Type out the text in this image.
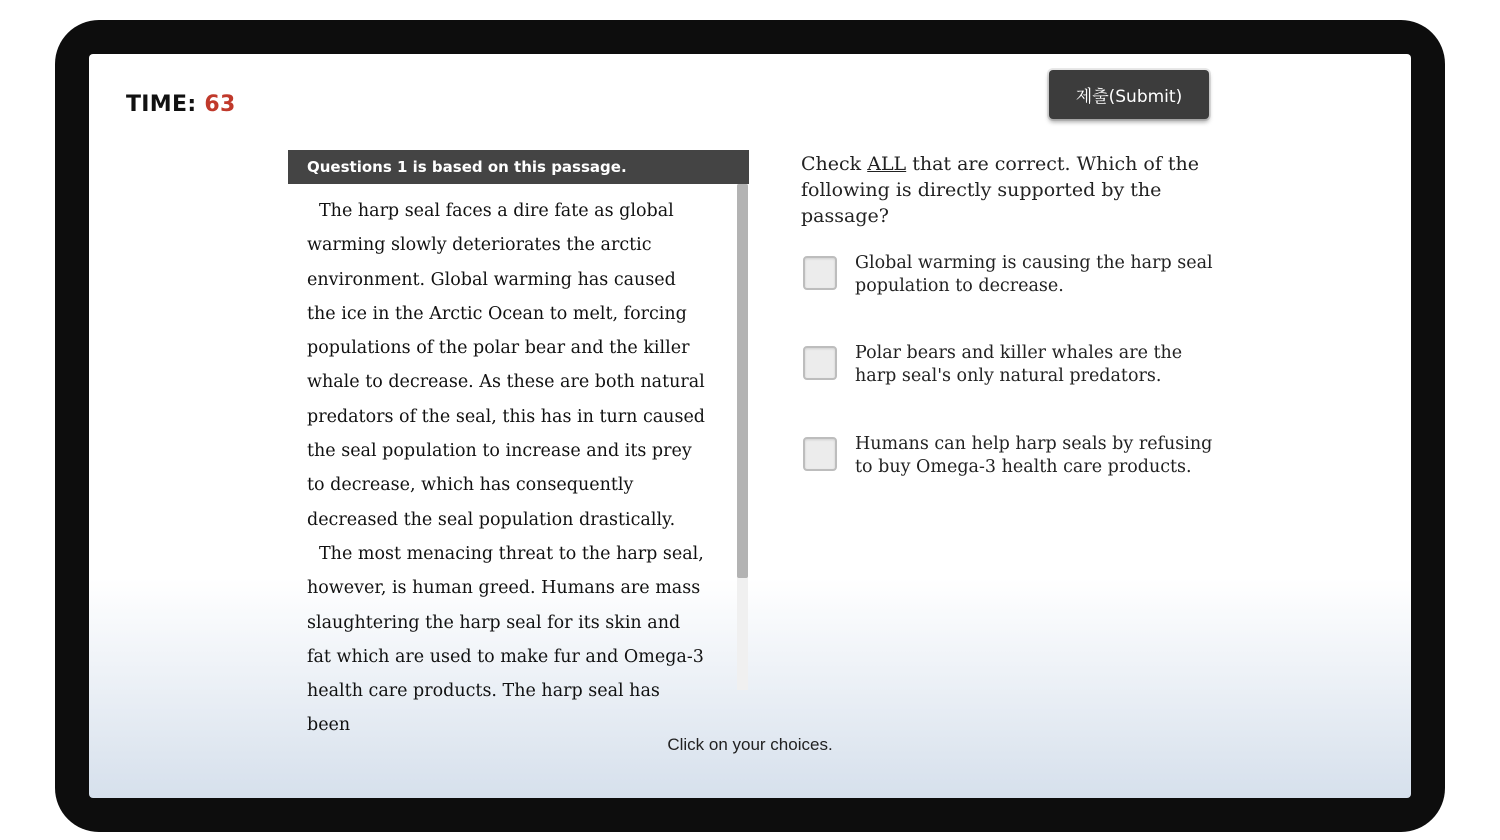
TIME: 63	제출(Submit)
Questions 1 is based on this passage.

The harp seal faces a dire fate as global warming slowly deteriorates the arctic environment. Global warming has caused the ice in the Arctic Ocean to melt, forcing populations of the polar bear and the killer whale to decrease. As these are both natural predators of the seal, this has in turn caused the seal population to increase and its prey to decrease, which has consequently decreased the seal population drastically.

The most menacing threat to the harp seal, however, is human greed. Humans are mass slaughtering the harp seal for its skin and fat which are used to make fur and Omega-3 health care products. The harp seal has been

Check ALL that are correct. Which of the following is directly supported by the passage?
Global warming is causing the harp seal population to decrease.
Polar bears and killer whales are the harp seal's only natural predators.
Humans can help harp seals by refusing to buy Omega-3 health care products.
Click on your choices.
